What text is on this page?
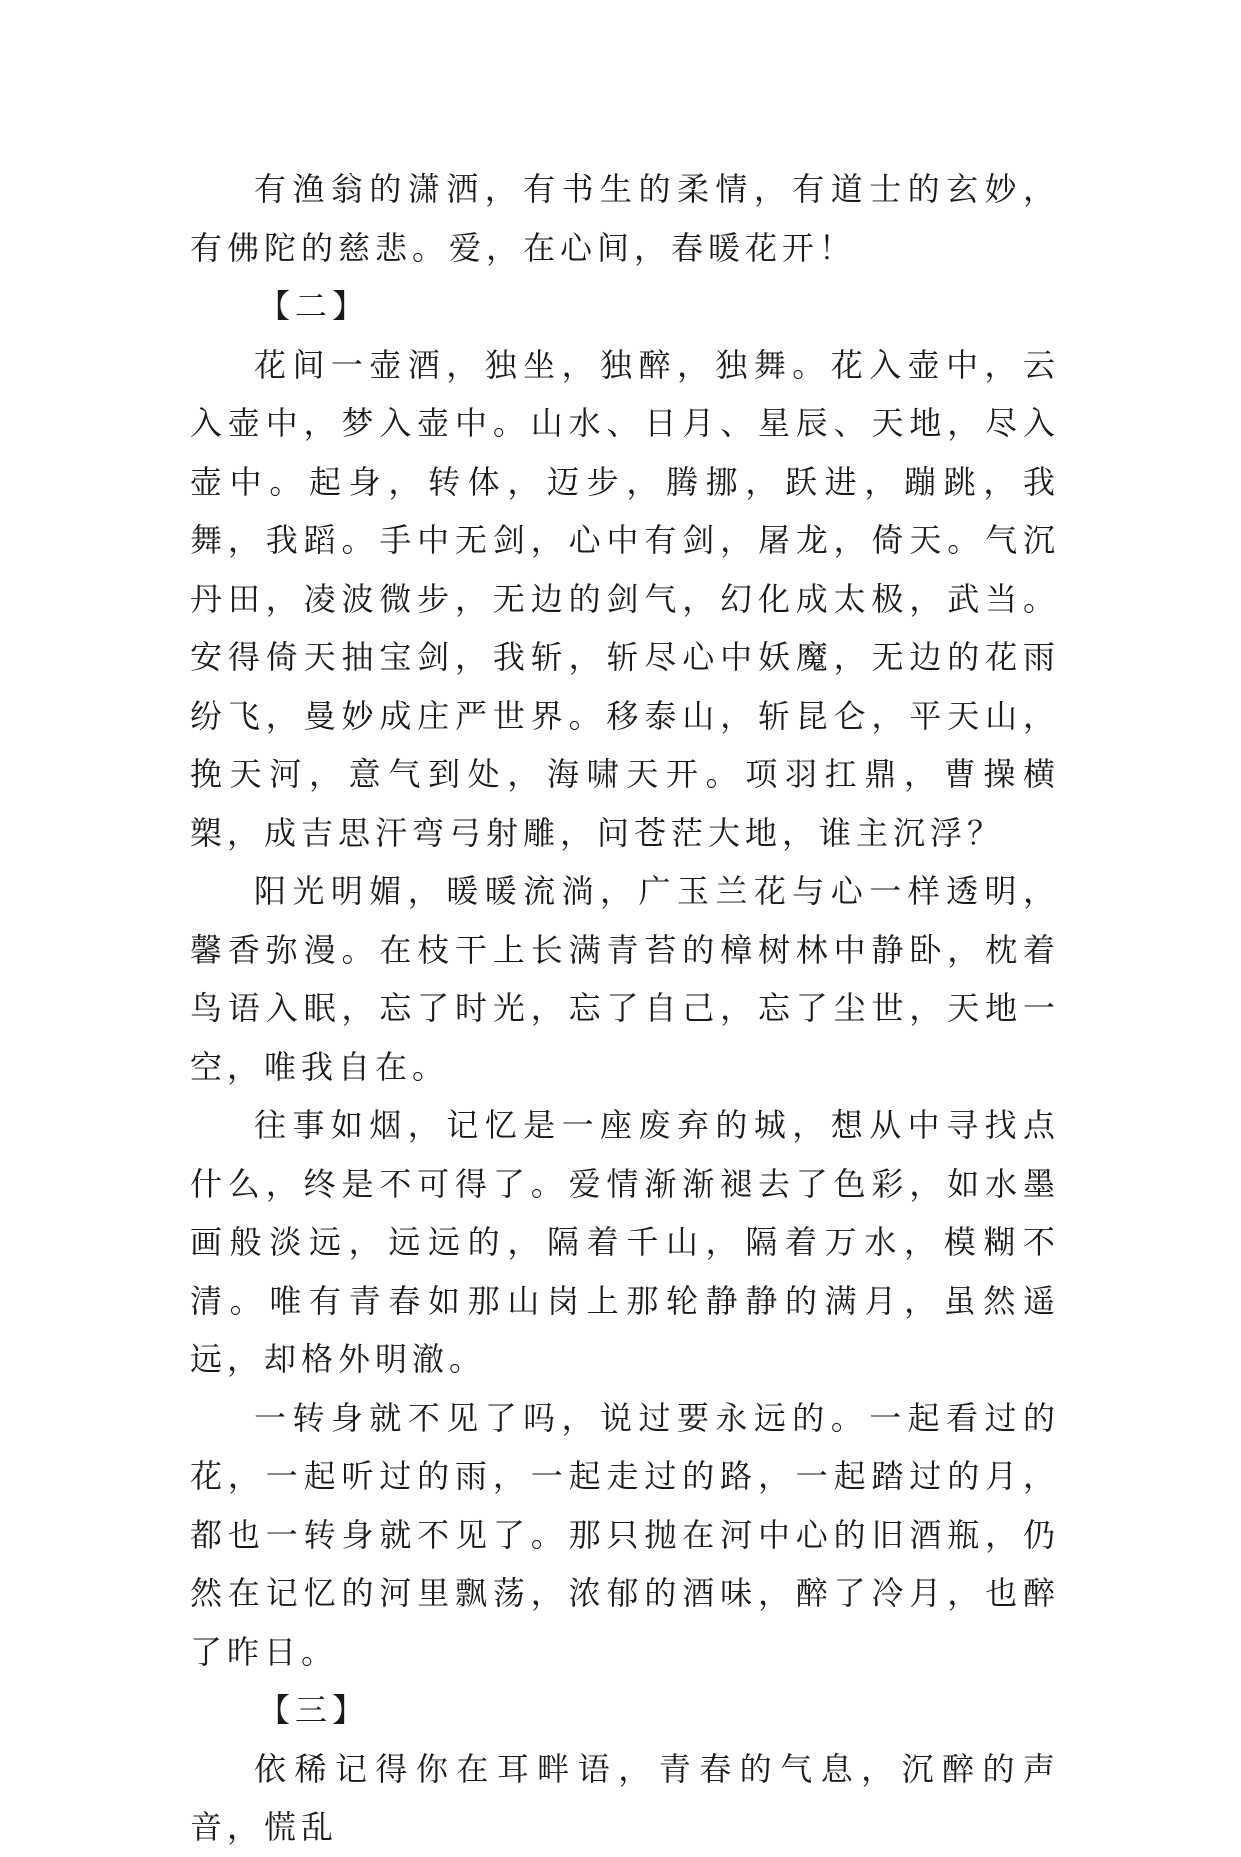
有渔翁的潇洒，有书生的柔情，有道士的玄妙，有佛陀的慈悲。爱，在心间，春暖花开！

【二】

花间一壶酒，独坐，独醉，独舞。花入壶中，云入壶中，梦入壶中。山水、日月、星辰、天地，尽入壶中。起身，转体，迈步，腾挪，跃进，蹦跳，我舞，我蹈。手中无剑，心中有剑，屠龙，倚天。气沉丹田，凌波微步，无边的剑气，幻化成太极，武当。安得倚天抽宝剑，我斩，斩尽心中妖魔，无边的花雨纷飞，曼妙成庄严世界。移泰山，斩昆仑，平天山，挽天河，意气到处，海啸天开。项羽扛鼎，曹操横槊，成吉思汗弯弓射雕，问苍茫大地，谁主沉浮？

阳光明媚，暖暖流淌，广玉兰花与心一样透明，馨香弥漫。在枝干上长满青苔的樟树林中静卧，枕着鸟语入眠，忘了时光，忘了自己，忘了尘世，天地一空，唯我自在。

往事如烟，记忆是一座废弃的城，想从中寻找点什么，终是不可得了。爱情渐渐褪去了色彩，如水墨画般淡远，远远的，隔着千山，隔着万水，模糊不清。唯有青春如那山岗上那轮静静的满月，虽然遥远，却格外明澈。

一转身就不见了吗，说过要永远的。一起看过的花，一起听过的雨，一起走过的路，一起踏过的月，都也一转身就不见了。那只抛在河中心的旧酒瓶，仍然在记忆的河里飘荡，浓郁的酒味，醉了冷月，也醉了昨日。

【三】

依稀记得你在耳畔语，青春的气息，沉醉的声音，慌乱
